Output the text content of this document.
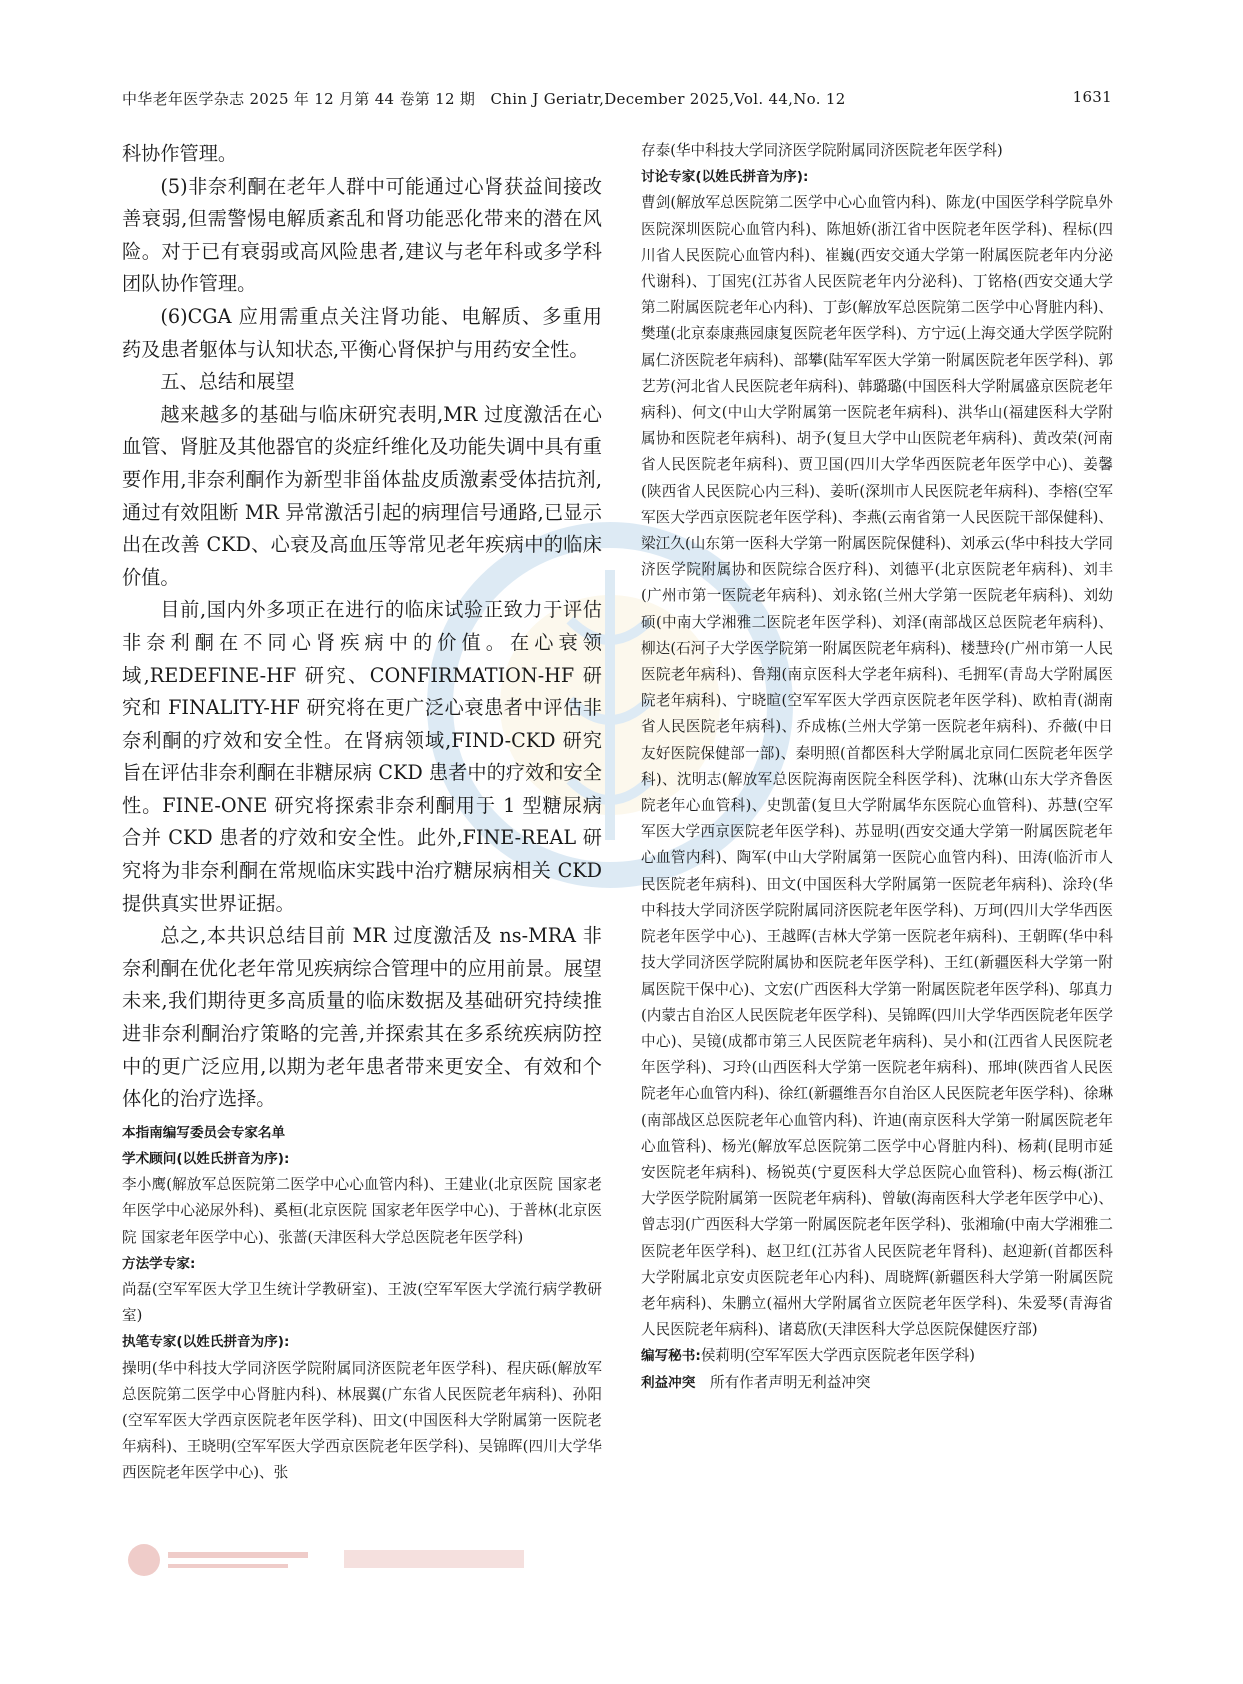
中华老年医学杂志 2025 年 12 月第 44 卷第 12 期　Chin J Geriatr,December 2025,Vol. 44,No. 12	1631

科协作管理。

(5)非奈利酮在老年人群中可能通过心肾获益间接改善衰弱,但需警惕电解质紊乱和肾功能恶化带来的潜在风险。对于已有衰弱或高风险患者,建议与老年科或多学科团队协作管理。

(6)CGA 应用需重点关注肾功能、电解质、多重用药及患者躯体与认知状态,平衡心肾保护与用药安全性。

五、总结和展望

越来越多的基础与临床研究表明,MR 过度激活在心血管、肾脏及其他器官的炎症纤维化及功能失调中具有重要作用,非奈利酮作为新型非甾体盐皮质激素受体拮抗剂,通过有效阻断 MR 异常激活引起的病理信号通路,已显示出在改善 CKD、心衰及高血压等常见老年疾病中的临床价值。

目前,国内外多项正在进行的临床试验正致力于评估非奈利酮在不同心肾疾病中的价值。在心衰领域,REDEFINE-HF 研究、CONFIRMATION-HF 研究和 FINALITY-HF 研究将在更广泛心衰患者中评估非奈利酮的疗效和安全性。在肾病领域,FIND-CKD 研究旨在评估非奈利酮在非糖尿病 CKD 患者中的疗效和安全性。FINE-ONE 研究将探索非奈利酮用于 1 型糖尿病合并 CKD 患者的疗效和安全性。此外,FINE-REAL 研究将为非奈利酮在常规临床实践中治疗糖尿病相关 CKD 提供真实世界证据。

总之,本共识总结目前 MR 过度激活及 ns-MRA 非奈利酮在优化老年常见疾病综合管理中的应用前景。展望未来,我们期待更多高质量的临床数据及基础研究持续推进非奈利酮治疗策略的完善,并探索其在多系统疾病防控中的更广泛应用,以期为老年患者带来更安全、有效和个体化的治疗选择。

本指南编写委员会专家名单

学术顾问(以姓氏拼音为序):

李小鹰(解放军总医院第二医学中心心血管内科)、王建业(北京医院 国家老年医学中心泌尿外科)、奚桓(北京医院 国家老年医学中心)、于普林(北京医院 国家老年医学中心)、张蔷(天津医科大学总医院老年医学科)

方法学专家:

尚磊(空军军医大学卫生统计学教研室)、王波(空军军医大学流行病学教研室)

执笔专家(以姓氏拼音为序):

操明(华中科技大学同济医学院附属同济医院老年医学科)、程庆砾(解放军总医院第二医学中心肾脏内科)、林展翼(广东省人民医院老年病科)、孙阳(空军军医大学西京医院老年医学科)、田文(中国医科大学附属第一医院老年病科)、王晓明(空军军医大学西京医院老年医学科)、吴锦晖(四川大学华西医院老年医学中心)、张

存泰(华中科技大学同济医学院附属同济医院老年医学科)

讨论专家(以姓氏拼音为序):

曹剑(解放军总医院第二医学中心心血管内科)、陈龙(中国医学科学院阜外医院深圳医院心血管内科)、陈旭娇(浙江省中医院老年医学科)、程标(四川省人民医院心血管内科)、崔巍(西安交通大学第一附属医院老年内分泌代谢科)、丁国宪(江苏省人民医院老年内分泌科)、丁铭格(西安交通大学第二附属医院老年心内科)、丁彭(解放军总医院第二医学中心肾脏内科)、樊瑾(北京泰康燕园康复医院老年医学科)、方宁远(上海交通大学医学院附属仁济医院老年病科)、部攀(陆军军医大学第一附属医院老年医学科)、郭艺芳(河北省人民医院老年病科)、韩璐璐(中国医科大学附属盛京医院老年病科)、何文(中山大学附属第一医院老年病科)、洪华山(福建医科大学附属协和医院老年病科)、胡予(复旦大学中山医院老年病科)、黄改荣(河南省人民医院老年病科)、贾卫国(四川大学华西医院老年医学中心)、姜馨(陕西省人民医院心内三科)、姜昕(深圳市人民医院老年病科)、李榕(空军军医大学西京医院老年医学科)、李燕(云南省第一人民医院干部保健科)、梁江久(山东第一医科大学第一附属医院保健科)、刘承云(华中科技大学同济医学院附属协和医院综合医疗科)、刘德平(北京医院老年病科)、刘丰(广州市第一医院老年病科)、刘永铭(兰州大学第一医院老年病科)、刘幼硕(中南大学湘雅二医院老年医学科)、刘泽(南部战区总医院老年病科)、柳达(石河子大学医学院第一附属医院老年病科)、楼慧玲(广州市第一人民医院老年病科)、鲁翔(南京医科大学老年病科)、毛拥军(青岛大学附属医院老年病科)、宁晓暄(空军军医大学西京医院老年医学科)、欧柏青(湖南省人民医院老年病科)、乔成栋(兰州大学第一医院老年病科)、乔薇(中日友好医院保健部一部)、秦明照(首都医科大学附属北京同仁医院老年医学科)、沈明志(解放军总医院海南医院全科医学科)、沈琳(山东大学齐鲁医院老年心血管科)、史凯蕾(复旦大学附属华东医院心血管科)、苏慧(空军军医大学西京医院老年医学科)、苏显明(西安交通大学第一附属医院老年心血管内科)、陶军(中山大学附属第一医院心血管内科)、田涛(临沂市人民医院老年病科)、田文(中国医科大学附属第一医院老年病科)、涂玲(华中科技大学同济医学院附属同济医院老年医学科)、万珂(四川大学华西医院老年医学中心)、王越晖(吉林大学第一医院老年病科)、王朝晖(华中科技大学同济医学院附属协和医院老年医学科)、王红(新疆医科大学第一附属医院干保中心)、文宏(广西医科大学第一附属医院老年医学科)、邬真力(内蒙古自治区人民医院老年医学科)、吴锦晖(四川大学华西医院老年医学中心)、吴镜(成都市第三人民医院老年病科)、吴小和(江西省人民医院老年医学科)、习玲(山西医科大学第一医院老年病科)、邢坤(陕西省人民医院老年心血管内科)、徐红(新疆维吾尔自治区人民医院老年医学科)、徐琳(南部战区总医院老年心血管内科)、许迪(南京医科大学第一附属医院老年心血管科)、杨光(解放军总医院第二医学中心肾脏内科)、杨莉(昆明市延安医院老年病科)、杨锐英(宁夏医科大学总医院心血管科)、杨云梅(浙江大学医学院附属第一医院老年病科)、曾敏(海南医科大学老年医学中心)、曾志羽(广西医科大学第一附属医院老年医学科)、张湘瑜(中南大学湘雅二医院老年医学科)、赵卫红(江苏省人民医院老年肾科)、赵迎新(首都医科大学附属北京安贞医院老年心内科)、周晓辉(新疆医科大学第一附属医院老年病科)、朱鹏立(福州大学附属省立医院老年医学科)、朱爱琴(青海省人民医院老年病科)、诸葛欣(天津医科大学总医院保健医疗部)

编写秘书:侯莉明(空军军医大学西京医院老年医学科)

利益冲突　 所有作者声明无利益冲突
